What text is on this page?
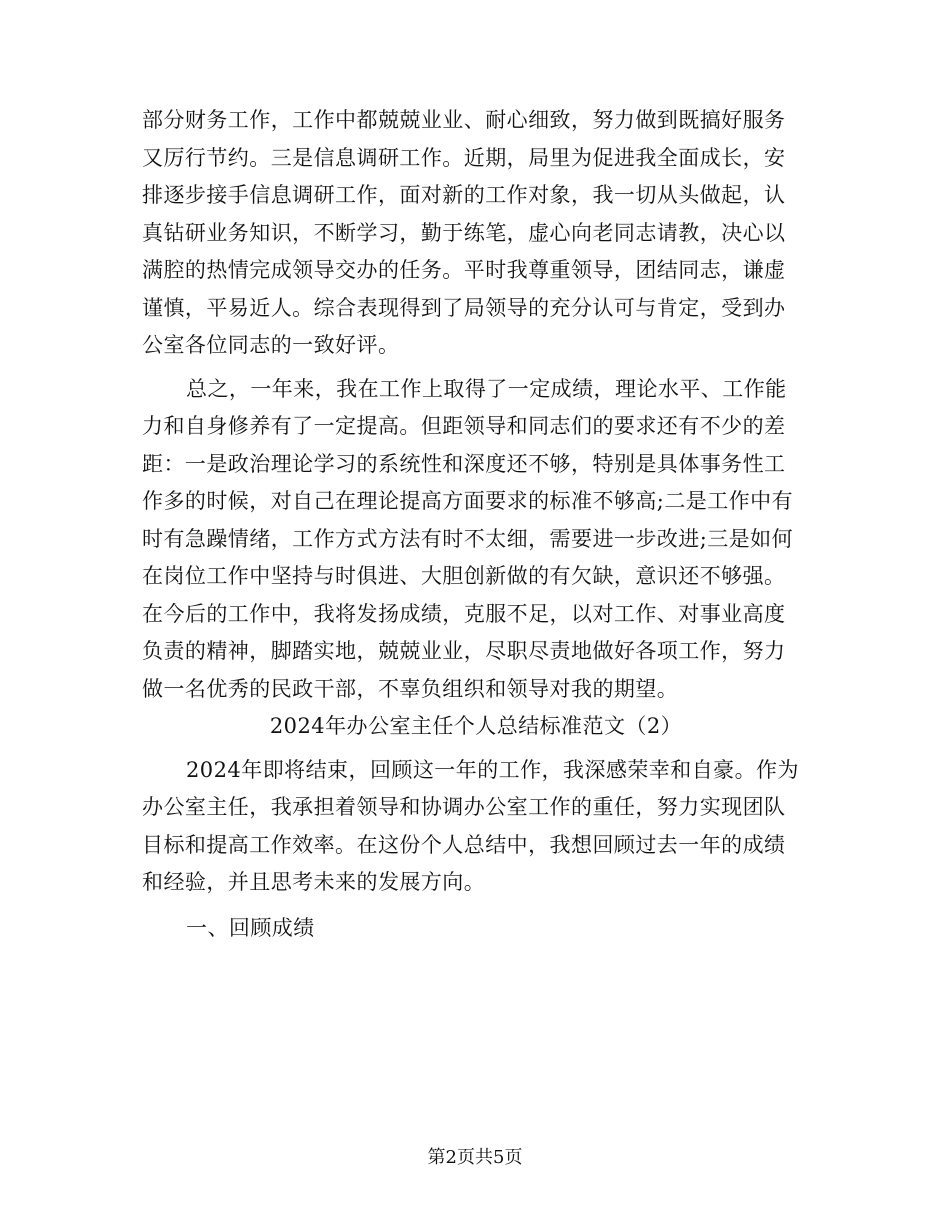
部分财务工作，工作中都兢兢业业、耐心细致，努力做到既搞好服务
又厉行节约。三是信息调研工作。近期，局里为促进我全面成长，安
排逐步接手信息调研工作，面对新的工作对象，我一切从头做起，认
真钻研业务知识，不断学习，勤于练笔，虚心向老同志请教，决心以
满腔的热情完成领导交办的任务。平时我尊重领导，团结同志，谦虚
谨慎，平易近人。综合表现得到了局领导的充分认可与肯定，受到办
公室各位同志的一致好评。
总之，一年来，我在工作上取得了一定成绩，理论水平、工作能
力和自身修养有了一定提高。但距领导和同志们的要求还有不少的差
距：一是政治理论学习的系统性和深度还不够，特别是具体事务性工
作多的时候，对自己在理论提高方面要求的标准不够高;二是工作中有
时有急躁情绪，工作方式方法有时不太细，需要进一步改进;三是如何
在岗位工作中坚持与时俱进、大胆创新做的有欠缺，意识还不够强。
在今后的工作中，我将发扬成绩，克服不足，以对工作、对事业高度
负责的精神，脚踏实地，兢兢业业，尽职尽责地做好各项工作，努力
做一名优秀的民政干部，不辜负组织和领导对我的期望。
2024年办公室主任个人总结标准范文（2）
2024年即将结束，回顾这一年的工作，我深感荣幸和自豪。作为
办公室主任，我承担着领导和协调办公室工作的重任，努力实现团队
目标和提高工作效率。在这份个人总结中，我想回顾过去一年的成绩
和经验，并且思考未来的发展方向。
一、回顾成绩
第2页共5页
